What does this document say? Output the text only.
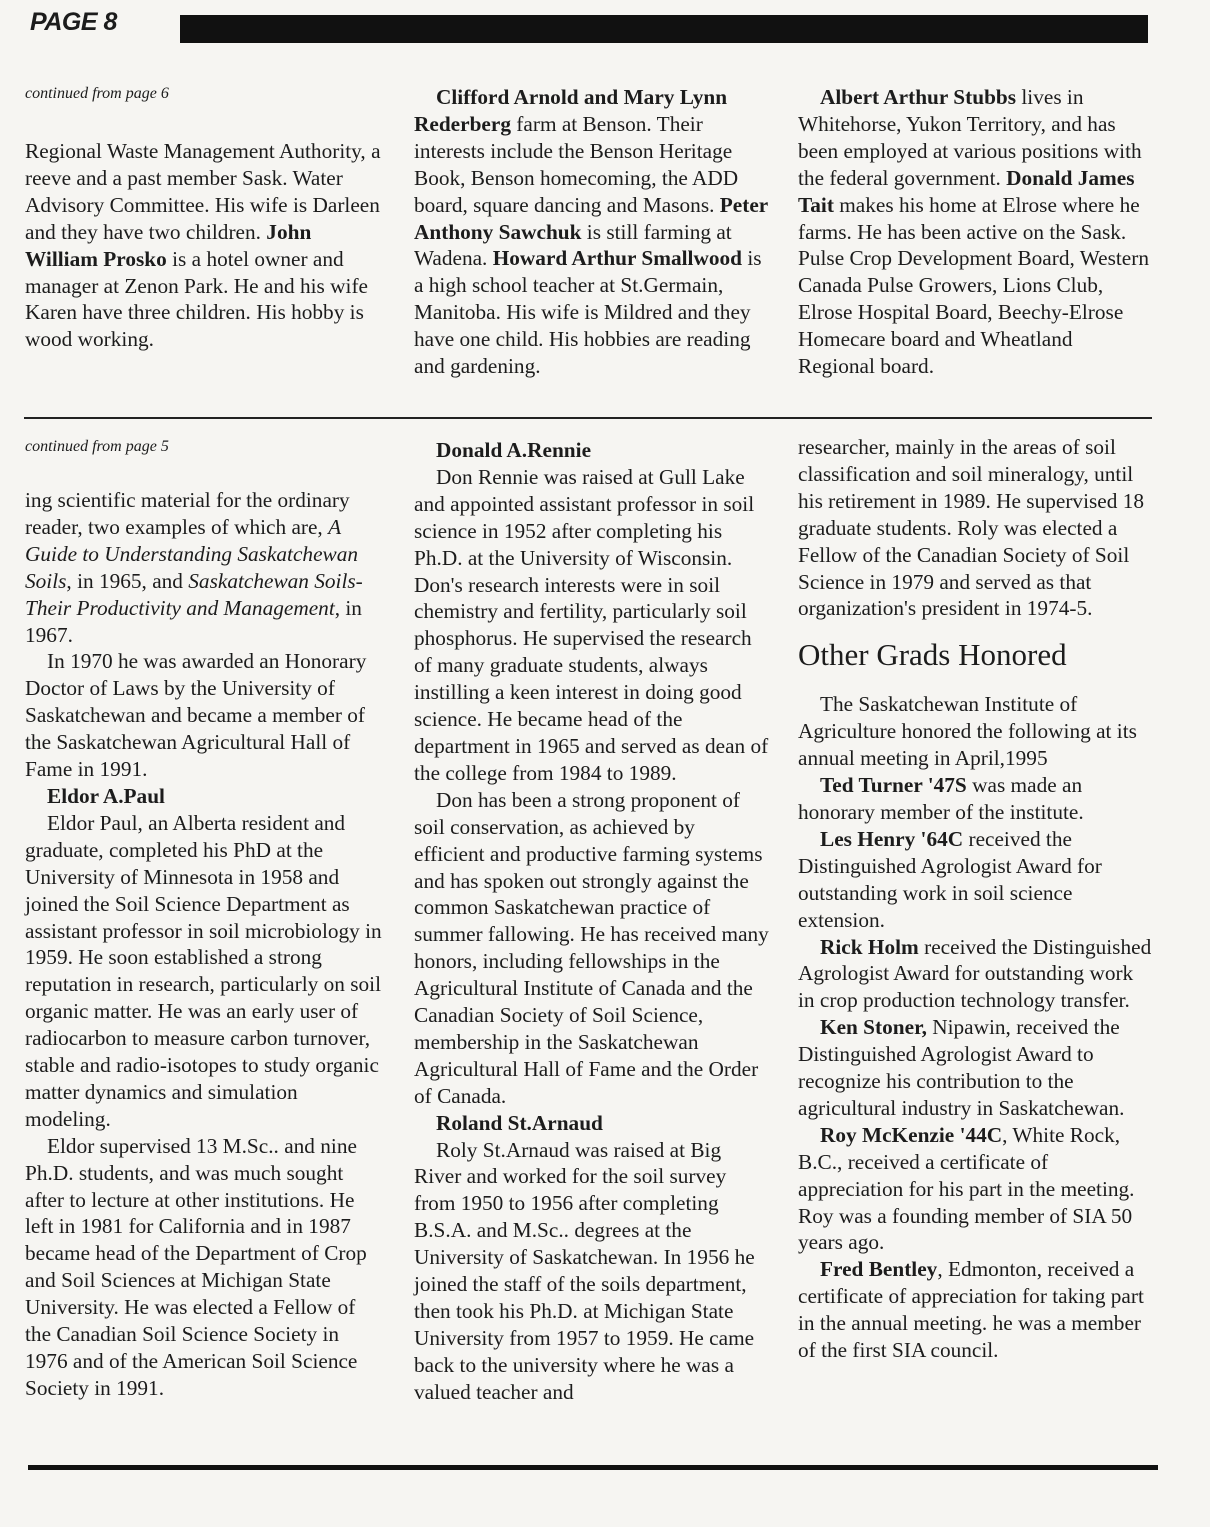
PAGE 8

continued from page 6

Regional Waste Management Authority, a reeve and a past member Sask. Water Advisory Committee. His wife is Darleen and they have two children. John William Prosko is a hotel owner and manager at Zenon Park. He and his wife Karen have three children. His hobby is wood working.

Clifford Arnold and Mary Lynn Rederberg farm at Benson. Their interests include the Benson Heritage Book, Benson homecoming, the ADD board, square dancing and Masons. Peter Anthony Sawchuk is still farming at Wadena. Howard Arthur Smallwood is a high school teacher at St.Germain, Manitoba. His wife is Mildred and they have one child. His hobbies are reading and gardening.

Albert Arthur Stubbs lives in Whitehorse, Yukon Territory, and has been employed at various positions with the federal government. Donald James Tait makes his home at Elrose where he farms. He has been active on the Sask. Pulse Crop Development Board, Western Canada Pulse Growers, Lions Club, Elrose Hospital Board, Beechy-Elrose Homecare board and Wheatland Regional board.

continued from page 5

ing scientific material for the ordinary reader, two examples of which are, A Guide to Understanding Saskatchewan Soils, in 1965, and Saskatchewan Soils-Their Productivity and Management, in 1967.

In 1970 he was awarded an Honorary Doctor of Laws by the University of Saskatchewan and became a member of the Saskatchewan Agricultural Hall of Fame in 1991.

Eldor A.Paul

Eldor Paul, an Alberta resident and graduate, completed his PhD at the University of Minnesota in 1958 and joined the Soil Science Department as assistant professor in soil microbiology in 1959. He soon established a strong reputation in research, particularly on soil organic matter. He was an early user of radiocarbon to measure carbon turnover, stable and radio-isotopes to study organic matter dynamics and simulation modeling.

Eldor supervised 13 M.Sc.. and nine Ph.D. students, and was much sought after to lecture at other institutions. He left in 1981 for California and in 1987 became head of the Department of Crop and Soil Sciences at Michigan State University. He was elected a Fellow of the Canadian Soil Science Society in 1976 and of the American Soil Science Society in 1991.

Donald A.Rennie

Don Rennie was raised at Gull Lake and appointed assistant professor in soil science in 1952 after completing his Ph.D. at the University of Wisconsin. Don's research interests were in soil chemistry and fertility, particularly soil phosphorus. He supervised the research of many graduate students, always instilling a keen interest in doing good science. He became head of the department in 1965 and served as dean of the college from 1984 to 1989.

Don has been a strong proponent of soil conservation, as achieved by efficient and productive farming systems and has spoken out strongly against the common Saskatchewan practice of summer fallowing. He has received many honors, including fellowships in the Agricultural Institute of Canada and the Canadian Society of Soil Science, membership in the Saskatchewan Agricultural Hall of Fame and the Order of Canada.

Roland St.Arnaud

Roly St.Arnaud was raised at Big River and worked for the soil survey from 1950 to 1956 after completing B.S.A. and M.Sc.. degrees at the University of Saskatchewan. In 1956 he joined the staff of the soils department, then took his Ph.D. at Michigan State University from 1957 to 1959. He came back to the university where he was a valued teacher and

researcher, mainly in the areas of soil classification and soil mineralogy, until his retirement in 1989. He supervised 18 graduate students. Roly was elected a Fellow of the Canadian Society of Soil Science in 1979 and served as that organization's president in 1974-5.

Other Grads Honored

The Saskatchewan Institute of Agriculture honored the following at its annual meeting in April,1995

Ted Turner '47S was made an honorary member of the institute.

Les Henry '64C received the Distinguished Agrologist Award for outstanding work in soil science extension.

Rick Holm received the Distinguished Agrologist Award for outstanding work in crop production technology transfer.

Ken Stoner, Nipawin, received the Distinguished Agrologist Award to recognize his contribution to the agricultural industry in Saskatchewan.

Roy McKenzie '44C, White Rock, B.C., received a certificate of appreciation for his part in the meeting. Roy was a founding member of SIA 50 years ago.

Fred Bentley, Edmonton, received a certificate of appreciation for taking part in the annual meeting. he was a member of the first SIA council.
